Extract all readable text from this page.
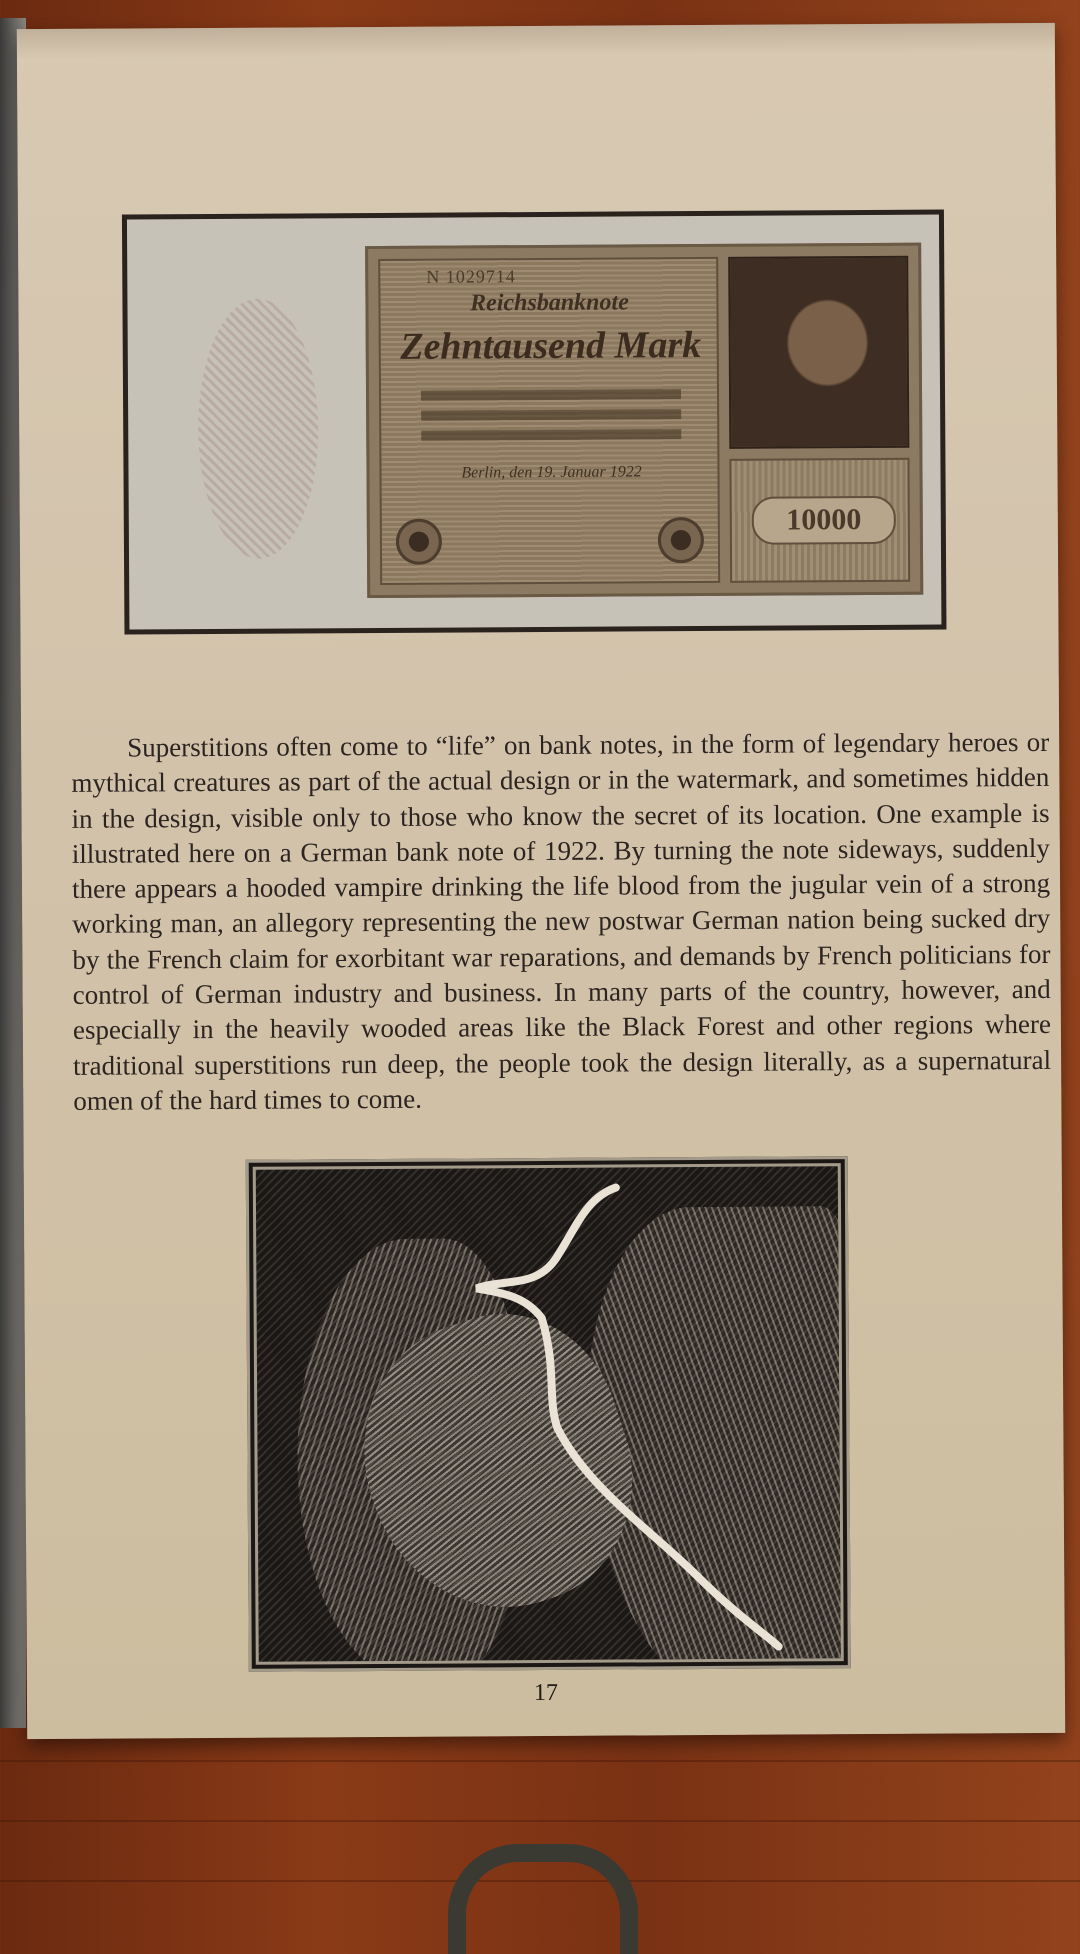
N 1029714
Reichsbanknote
Zehntausend Mark
Berlin, den 19. Januar 1922
10000

Superstitions often come to “life” on bank notes, in the form of legendary heroes or mythical creatures as part of the actual design or in the watermark, and sometimes hidden in the design, visible only to those who know the secret of its location. One example is illustrated here on a German bank note of 1922. By turning the note sideways, suddenly there appears a hooded vampire drinking the life blood from the jugular vein of a strong working man, an allegory representing the new postwar German nation being sucked dry by the French claim for exorbitant war reparations, and demands by French politicians for control of German industry and business. In many parts of the country, however, and especially in the heavily wooded areas like the Black Forest and other regions where traditional superstitions run deep, the people took the design literally, as a supernatural omen of the hard times to come.

17
